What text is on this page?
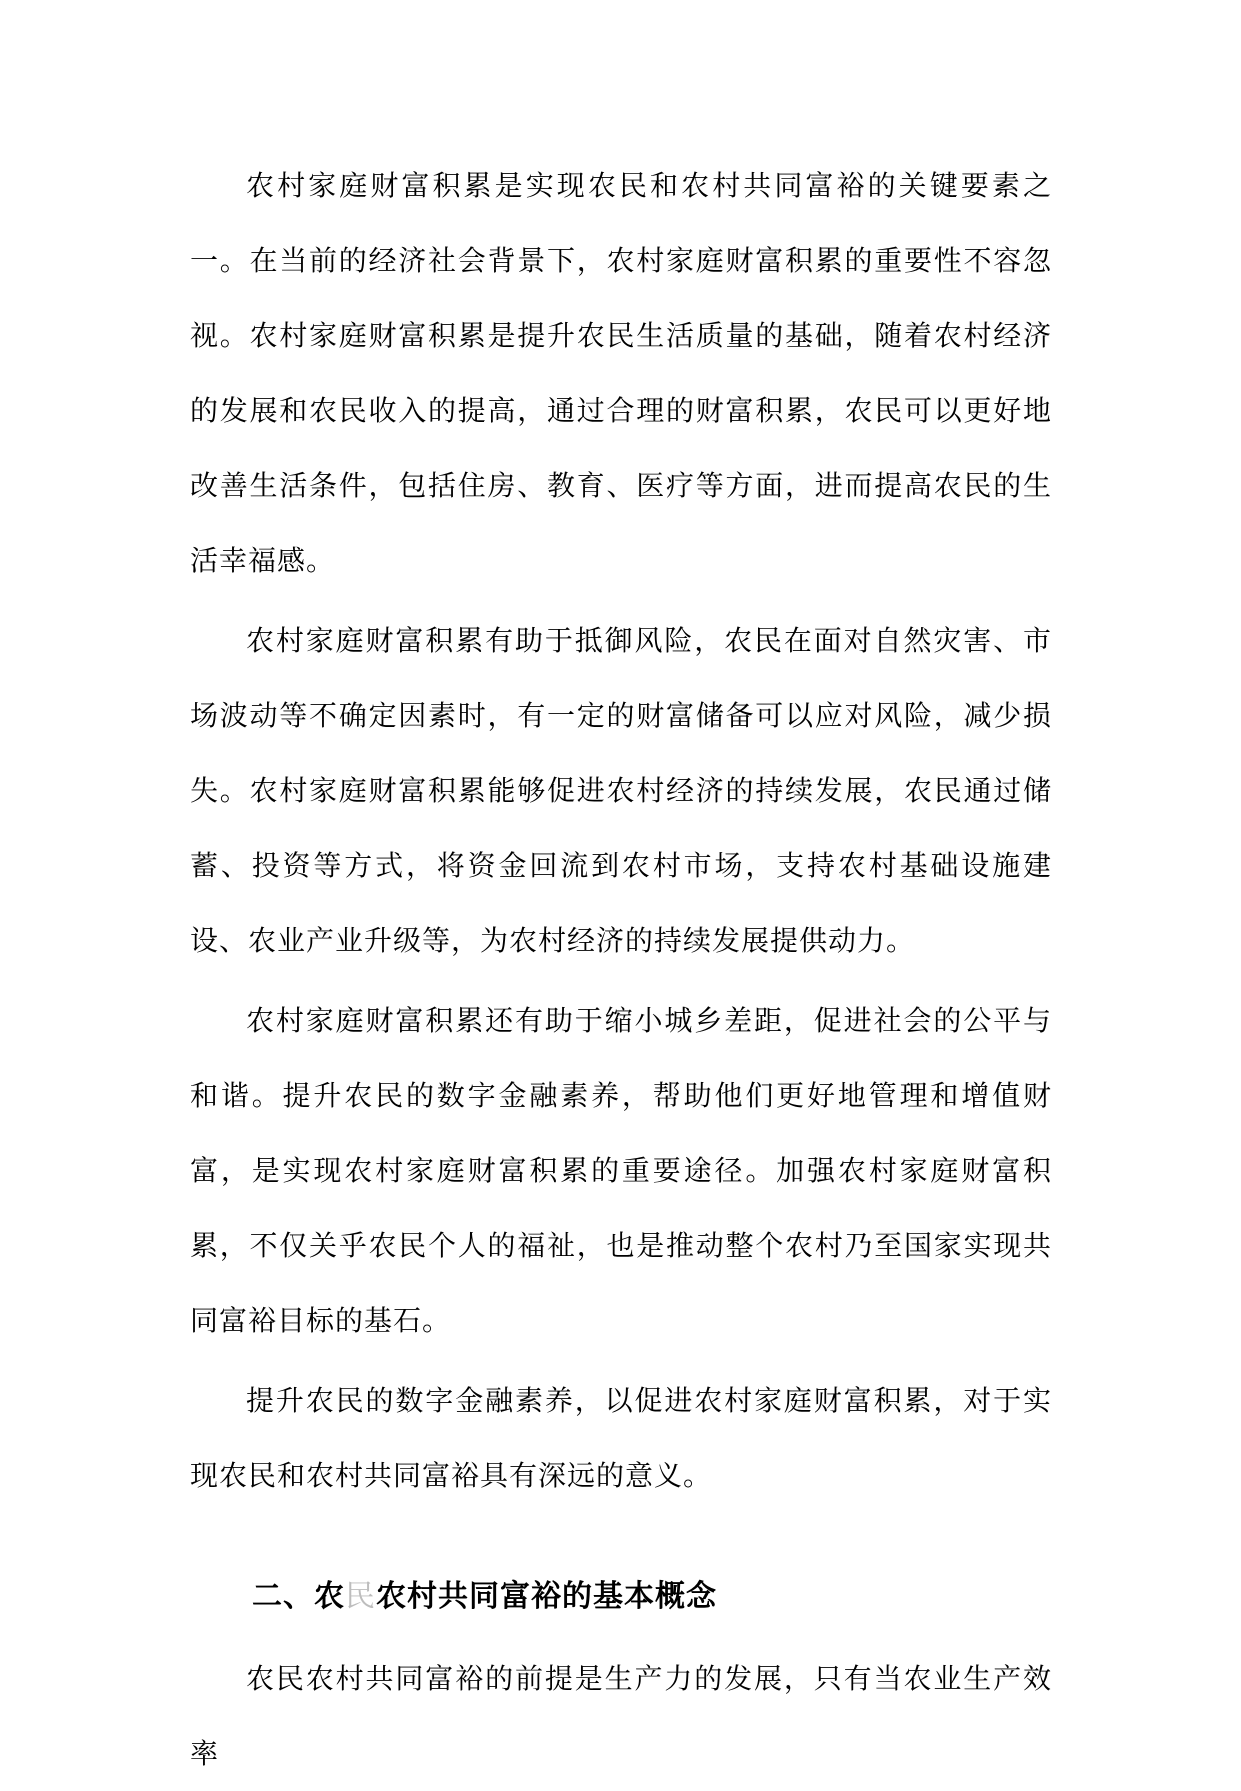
农村家庭财富积累是实现农民和农村共同富裕的关键要素之一。在当前的经济社会背景下，农村家庭财富积累的重要性不容忽视。农村家庭财富积累是提升农民生活质量的基础，随着农村经济的发展和农民收入的提高，通过合理的财富积累，农民可以更好地改善生活条件，包括住房、教育、医疗等方面，进而提高农民的生活幸福感。

农村家庭财富积累有助于抵御风险，农民在面对自然灾害、市场波动等不确定因素时，有一定的财富储备可以应对风险，减少损失。农村家庭财富积累能够促进农村经济的持续发展，农民通过储蓄、投资等方式，将资金回流到农村市场，支持农村基础设施建设、农业产业升级等，为农村经济的持续发展提供动力。

农村家庭财富积累还有助于缩小城乡差距，促进社会的公平与和谐。提升农民的数字金融素养，帮助他们更好地管理和增值财富，是实现农村家庭财富积累的重要途径。加强农村家庭财富积累，不仅关乎农民个人的福祉，也是推动整个农村乃至国家实现共同富裕目标的基石。

提升农民的数字金融素养，以促进农村家庭财富积累，对于实现农民和农村共同富裕具有深远的意义。

二、农民农村共同富裕的基本概念

农民农村共同富裕的前提是生产力的发展，只有当农业生产效率
